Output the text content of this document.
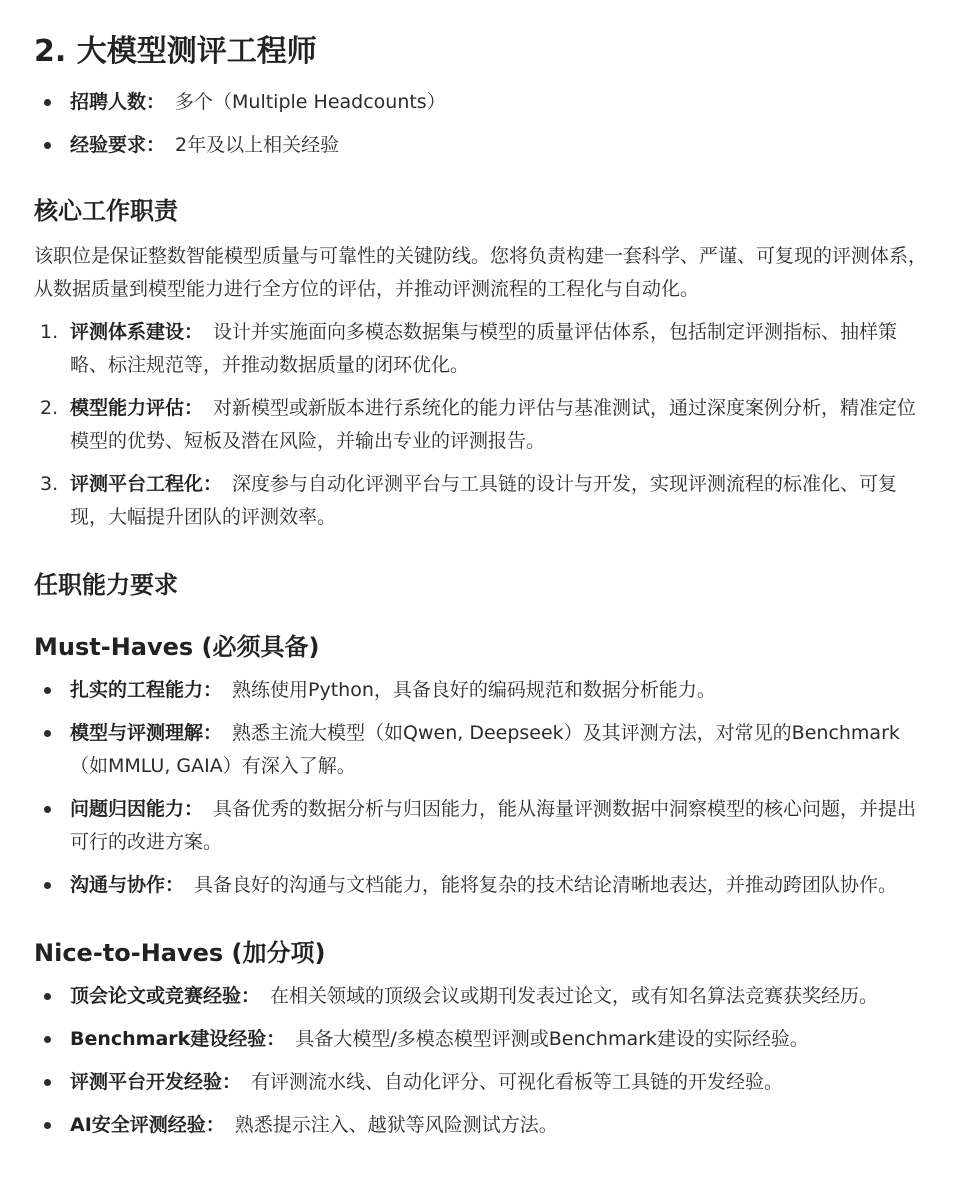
2. 大模型测评工程师
招聘人数： 多个（Multiple Headcounts）
经验要求： 2年及以上相关经验
核心工作职责

该职位是保证整数智能模型质量与可靠性的关键防线。您将负责构建一套科学、严谨、可复现的评测体系，从数据质量到模型能力进行全方位的评估，并推动评测流程的工程化与自动化。

1. 评测体系建设： 设计并实施面向多模态数据集与模型的质量评估体系，包括制定评测指标、抽样策略、标注规范等，并推动数据质量的闭环优化。
2. 模型能力评估： 对新模型或新版本进行系统化的能力评估与基准测试，通过深度案例分析，精准定位模型的优势、短板及潜在风险，并输出专业的评测报告。
3. 评测平台工程化： 深度参与自动化评测平台与工具链的设计与开发，实现评测流程的标准化、可复现，大幅提升团队的评测效率。
任职能力要求
Must-Haves (必须具备)
扎实的工程能力： 熟练使用Python，具备良好的编码规范和数据分析能力。
模型与评测理解： 熟悉主流大模型（如Qwen, Deepseek）及其评测方法，对常见的Benchmark（如MMLU, GAIA）有深入了解。
问题归因能力： 具备优秀的数据分析与归因能力，能从海量评测数据中洞察模型的核心问题，并提出可行的改进方案。
沟通与协作： 具备良好的沟通与文档能力，能将复杂的技术结论清晰地表达，并推动跨团队协作。
Nice-to-Haves (加分项)
顶会论文或竞赛经验： 在相关领域的顶级会议或期刊发表过论文，或有知名算法竞赛获奖经历。
Benchmark建设经验： 具备大模型/多模态模型评测或Benchmark建设的实际经验。
评测平台开发经验： 有评测流水线、自动化评分、可视化看板等工具链的开发经验。
AI安全评测经验： 熟悉提示注入、越狱等风险测试方法。
